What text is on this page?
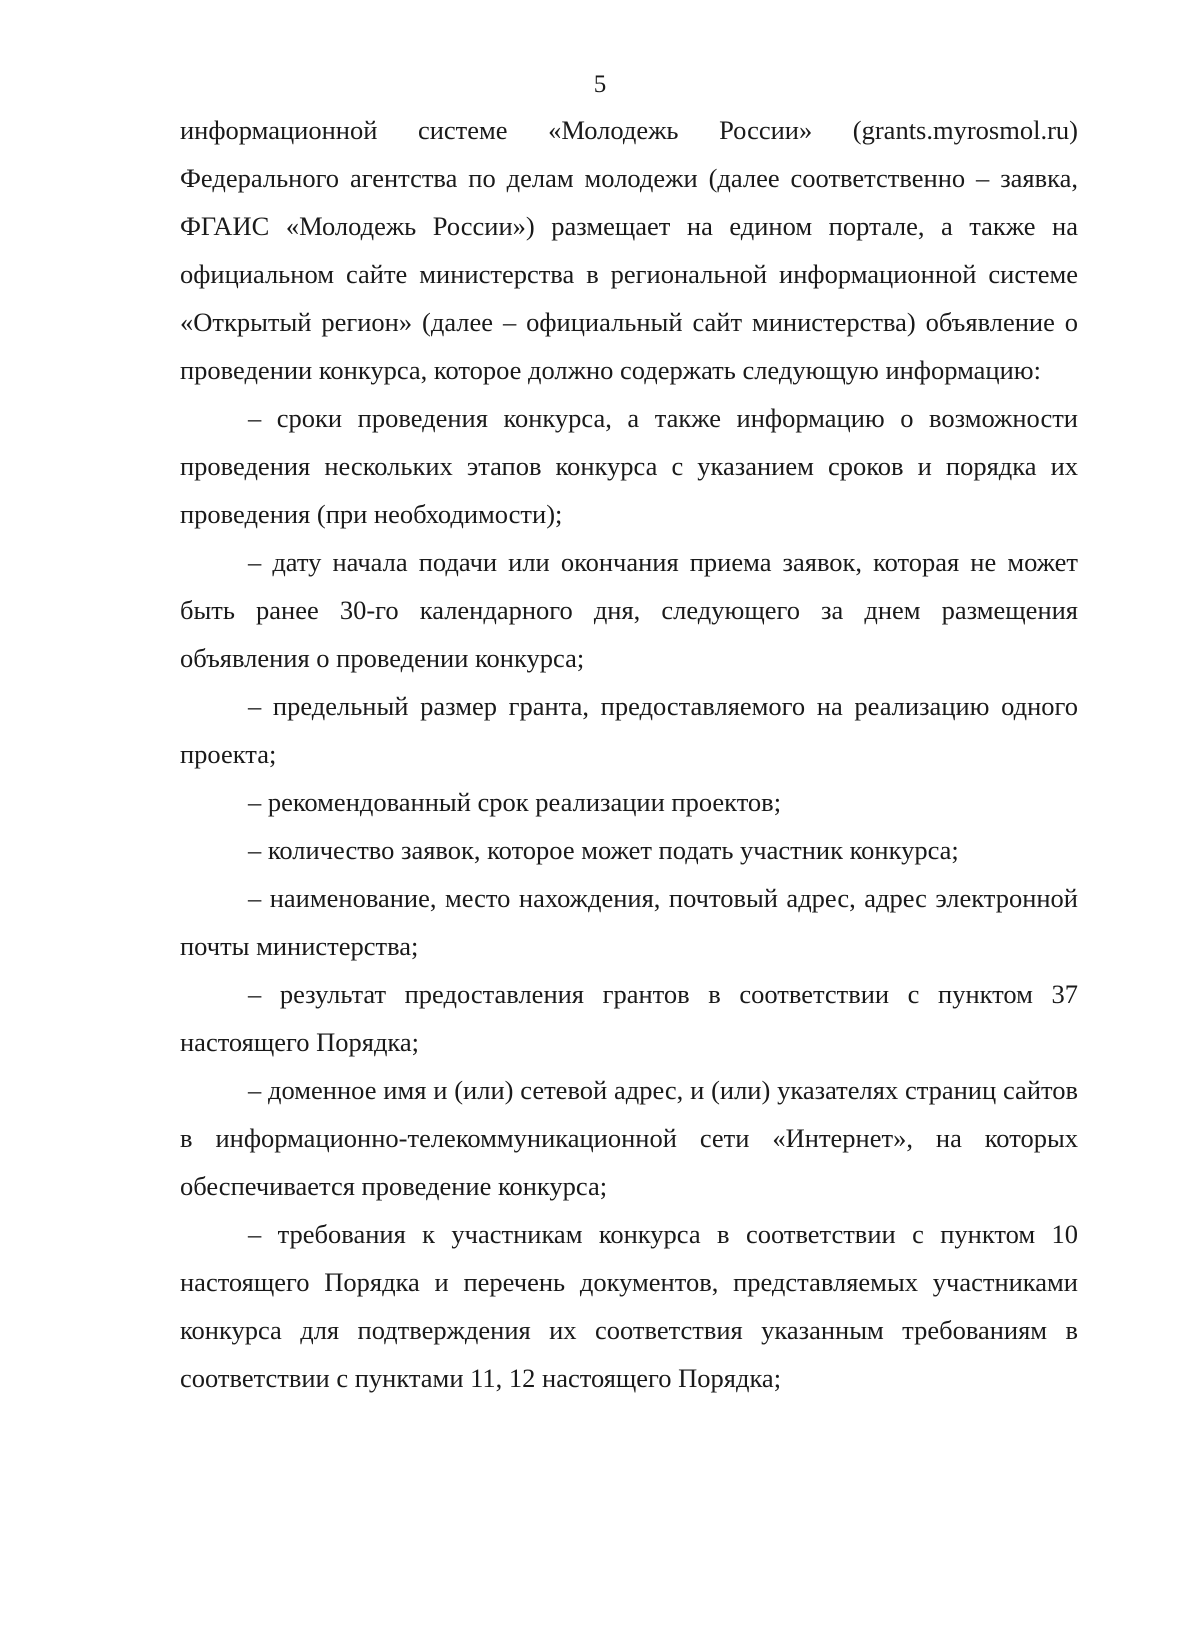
5

информационной системе «Молодежь России» (grants.myrosmol.ru) Федерального агентства по делам молодежи (далее соответственно – заявка, ФГАИС «Молодежь России») размещает на едином портале, а также на официальном сайте министерства в региональной информационной системе «Открытый регион» (далее – официальный сайт министерства) объявление о проведении конкурса, которое должно содержать следующую информацию:

– сроки проведения конкурса, а также информацию о возможности проведения нескольких этапов конкурса с указанием сроков и порядка их проведения (при необходимости);

– дату начала подачи или окончания приема заявок, которая не может быть ранее 30-го календарного дня, следующего за днем размещения объявления о проведении конкурса;

– предельный размер гранта, предоставляемого на реализацию одного проекта;

– рекомендованный срок реализации проектов;

– количество заявок, которое может подать участник конкурса;

– наименование, место нахождения, почтовый адрес, адрес электронной почты министерства;

– результат предоставления грантов в соответствии с пунктом 37 настоящего Порядка;

– доменное имя и (или) сетевой адрес, и (или) указателях страниц сайтов в информационно-телекоммуникационной сети «Интернет», на которых обеспечивается проведение конкурса;

– требования к участникам конкурса в соответствии с пунктом 10 настоящего Порядка и перечень документов, представляемых участниками конкурса для подтверждения их соответствия указанным требованиям в соответствии с пунктами 11, 12 настоящего Порядка;
